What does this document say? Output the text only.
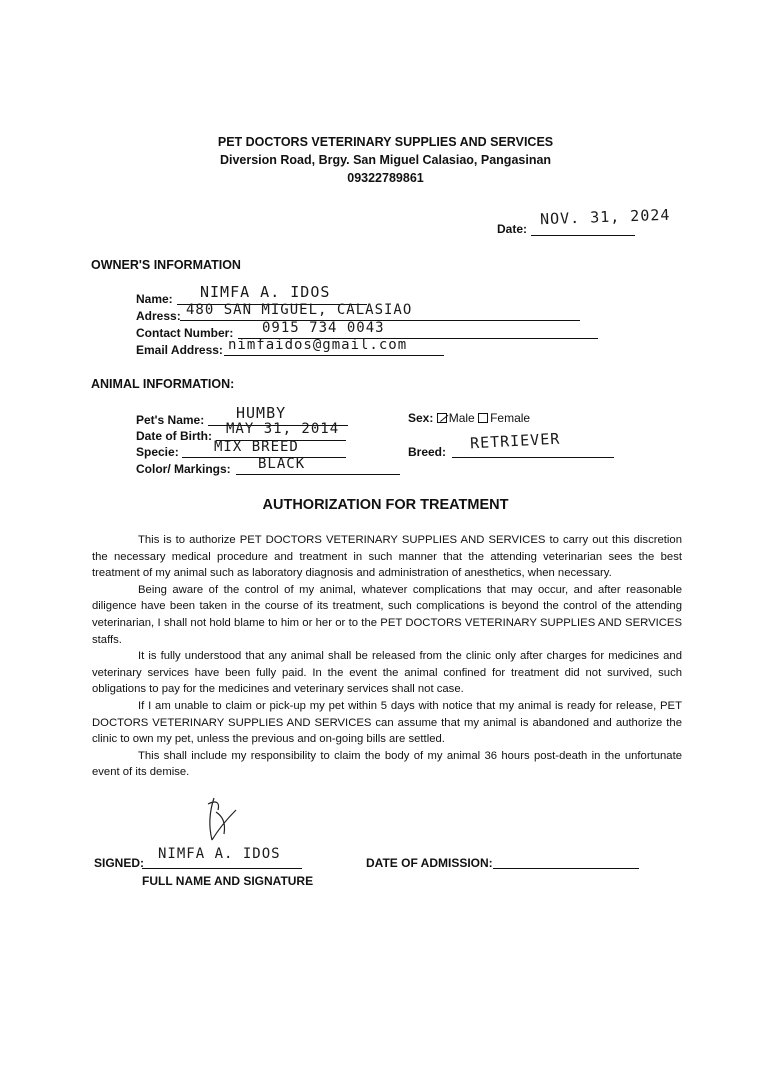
PET DOCTORS VETERINARY SUPPLIES AND SERVICES
Diversion Road, Brgy. San Miguel Calasiao, Pangasinan
09322789861
Date:
NOV. 31, 2024
OWNER'S INFORMATION
Name: NIMFA A. IDOS
Adress: 480 SAN MIGUEL, CALASIAO
Contact Number: 0915 734 0043
Email Address: nimfaidos@gmail.com
ANIMAL INFORMATION:
Pet's Name: HUMBY
Date of Birth: MAY 31, 2014
Specie:	MIX BREED
Color/ Markings: BLACK
Sex: Male Female
Breed: RETRIEVER
AUTHORIZATION FOR TREATMENT

This is to authorize PET DOCTORS VETERINARY SUPPLIES AND SERVICES to carry out this discretion the necessary medical procedure and treatment in such manner that the attending veterinarian sees the best treatment of my animal such as laboratory diagnosis and administration of anesthetics, when necessary.

Being aware of the control of my animal, whatever complications that may occur, and after reasonable diligence have been taken in the course of its treatment, such complications is beyond the control of the attending veterinarian, I shall not hold blame to him or her or to the PET DOCTORS VETERINARY SUPPLIES AND SERVICES staffs.

It is fully understood that any animal shall be released from the clinic only after charges for medicines and veterinary services have been fully paid. In the event the animal confined for treatment did not survived, such obligations to pay for the medicines and veterinary services shall not case.

If I am unable to claim or pick-up my pet within 5 days with notice that my animal is ready for release, PET DOCTORS VETERINARY SUPPLIES AND SERVICES can assume that my animal is abandoned and authorize the clinic to own my pet, unless the previous and on-going bills are settled.

This shall include my responsibility to claim the body of my animal 36 hours post-death in the unfortunate event of its demise.

SIGNED:
NIMFA A. IDOS
FULL NAME AND SIGNATURE
DATE OF ADMISSION:
